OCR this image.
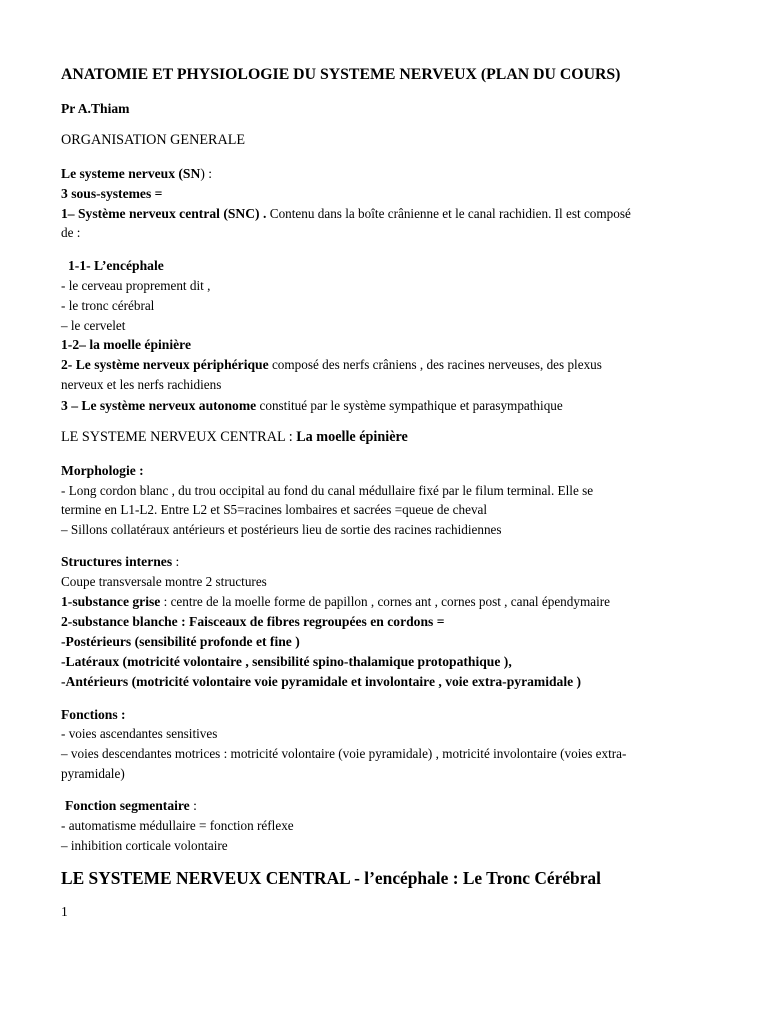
ANATOMIE ET PHYSIOLOGIE DU SYSTEME NERVEUX (PLAN DU COURS)

Pr A.Thiam

ORGANISATION GENERALE

Le systeme nerveux (SN) :

3 sous-systemes =

1– Système nerveux central (SNC) . Contenu dans la boîte crânienne et le canal rachidien. Il est composé

de :

1-1- L’encéphale

- le cerveau proprement dit ,

- le tronc cérébral

– le cervelet

1-2– la moelle épinière

2- Le système nerveux périphérique composé des nerfs crâniens , des racines nerveuses, des plexus

nerveux et les nerfs rachidiens

3 – Le système nerveux autonome constitué par le système sympathique et parasympathique

LE SYSTEME NERVEUX CENTRAL : La moelle épinière

Morphologie :

- Long cordon blanc , du trou occipital au fond du canal médullaire fixé par le filum terminal. Elle se

termine en L1-L2. Entre L2 et S5=racines lombaires et sacrées =queue de cheval

– Sillons collatéraux antérieurs et postérieurs lieu de sortie des racines rachidiennes

Structures internes :

Coupe transversale montre 2 structures

1-substance grise : centre de la moelle forme de papillon , cornes ant , cornes post , canal épendymaire

2-substance blanche : Faisceaux de fibres regroupées en cordons =

-Postérieurs (sensibilité profonde et fine )

-Latéraux (motricité volontaire , sensibilité spino-thalamique protopathique ),

-Antérieurs (motricité volontaire voie pyramidale et involontaire , voie extra-pyramidale )

Fonctions :

- voies ascendantes sensitives

– voies descendantes motrices : motricité volontaire (voie pyramidale) , motricité involontaire (voies extra-

pyramidale)

Fonction segmentaire :

- automatisme médullaire = fonction réflexe

– inhibition corticale volontaire

LE SYSTEME NERVEUX CENTRAL - l’encéphale : Le Tronc Cérébral

1
